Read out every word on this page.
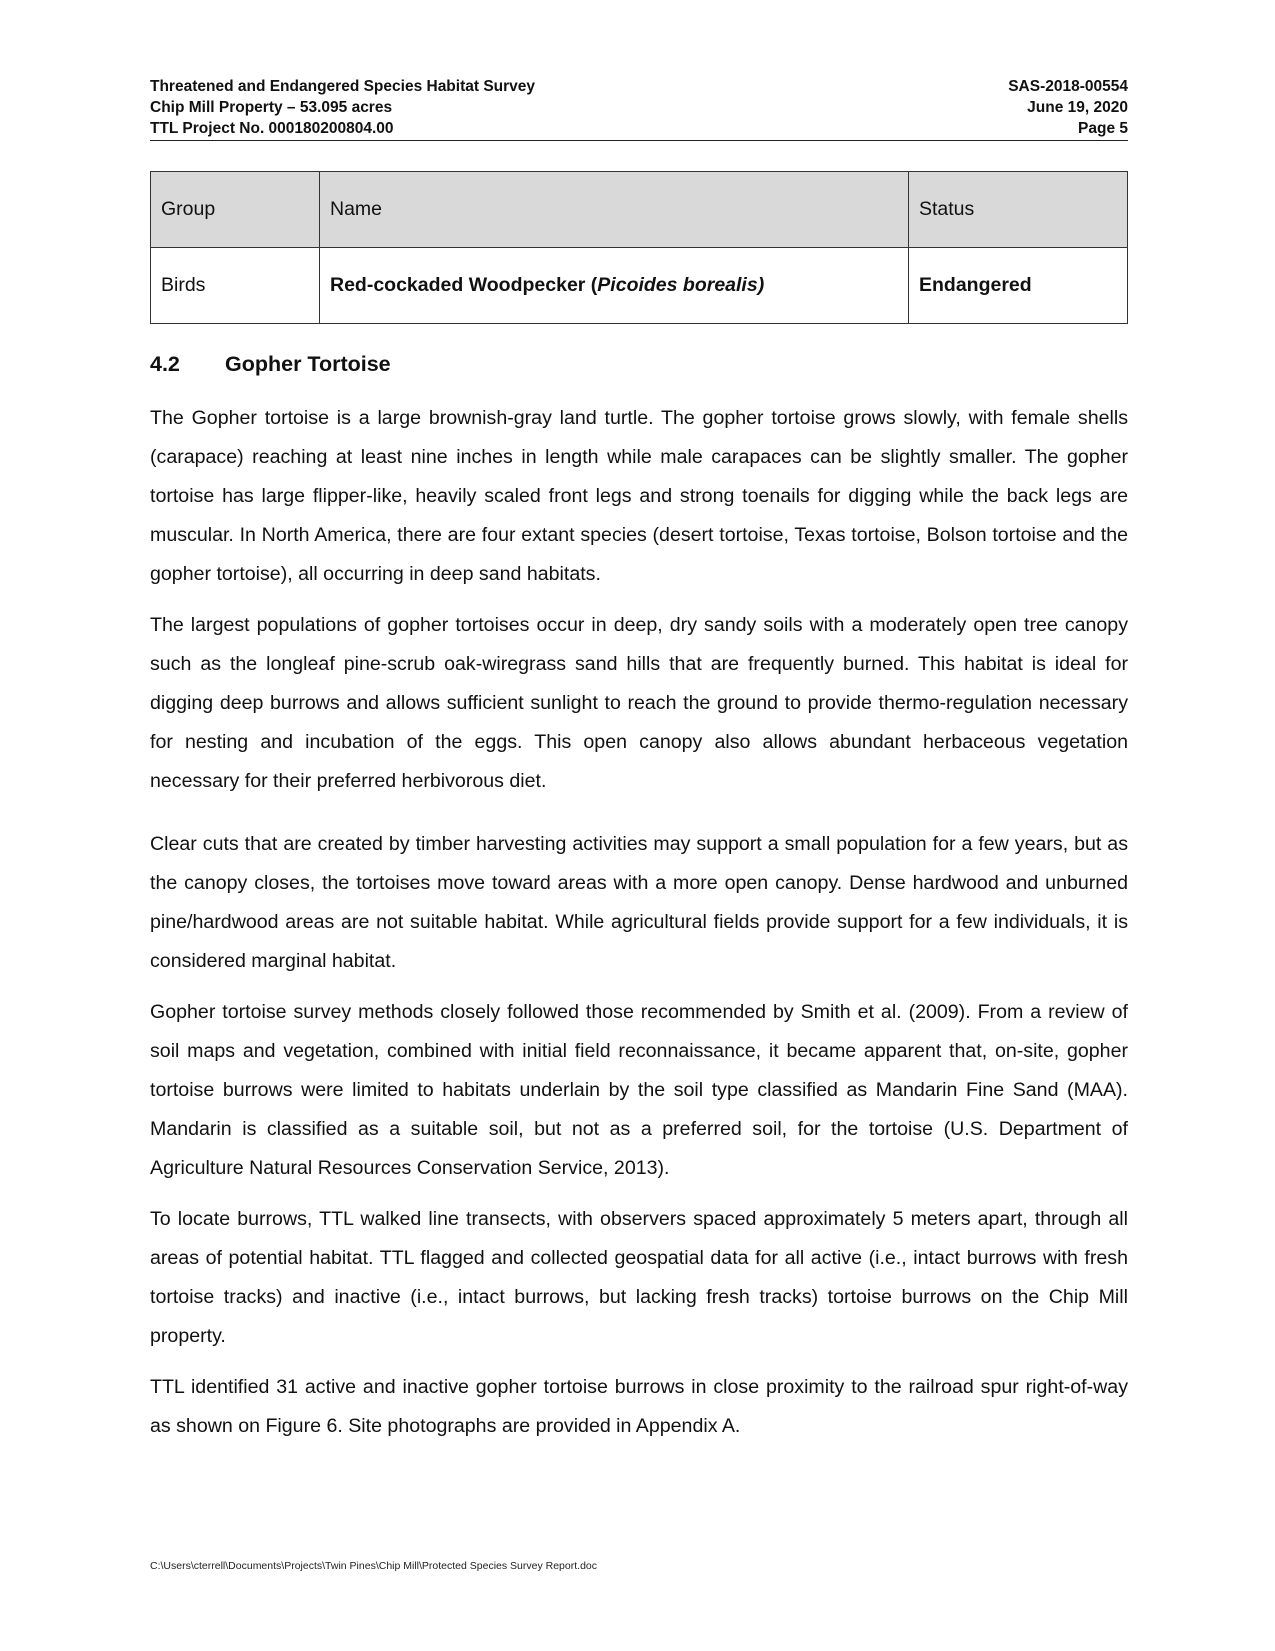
Threatened and Endangered Species Habitat Survey	SAS-2018-00554
Chip Mill Property – 53.095 acres	June 19, 2020
TTL Project No. 000180200804.00	Page 5
Group	Name	Status
Birds	Red-cockaded Woodpecker (Picoides borealis)	Endangered
4.2 Gopher Tortoise

The Gopher tortoise is a large brownish-gray land turtle. The gopher tortoise grows slowly, with female shells (carapace) reaching at least nine inches in length while male carapaces can be slightly smaller. The gopher tortoise has large flipper-like, heavily scaled front legs and strong toenails for digging while the back legs are muscular. In North America, there are four extant species (desert tortoise, Texas tortoise, Bolson tortoise and the gopher tortoise), all occurring in deep sand habitats.

The largest populations of gopher tortoises occur in deep, dry sandy soils with a moderately open tree canopy such as the longleaf pine-scrub oak-wiregrass sand hills that are frequently burned. This habitat is ideal for digging deep burrows and allows sufficient sunlight to reach the ground to provide thermo-regulation necessary for nesting and incubation of the eggs. This open canopy also allows abundant herbaceous vegetation necessary for their preferred herbivorous diet.

Clear cuts that are created by timber harvesting activities may support a small population for a few years, but as the canopy closes, the tortoises move toward areas with a more open canopy. Dense hardwood and unburned pine/hardwood areas are not suitable habitat. While agricultural fields provide support for a few individuals, it is considered marginal habitat.

Gopher tortoise survey methods closely followed those recommended by Smith et al. (2009). From a review of soil maps and vegetation, combined with initial field reconnaissance, it became apparent that, on-site, gopher tortoise burrows were limited to habitats underlain by the soil type classified as Mandarin Fine Sand (MAA). Mandarin is classified as a suitable soil, but not as a preferred soil, for the tortoise (U.S. Department of Agriculture Natural Resources Conservation Service, 2013).

To locate burrows, TTL walked line transects, with observers spaced approximately 5 meters apart, through all areas of potential habitat. TTL flagged and collected geospatial data for all active (i.e., intact burrows with fresh tortoise tracks) and inactive (i.e., intact burrows, but lacking fresh tracks) tortoise burrows on the Chip Mill property.

TTL identified 31 active and inactive gopher tortoise burrows in close proximity to the railroad spur right-of-way as shown on Figure 6. Site photographs are provided in Appendix A.

C:\Users\cterrell\Documents\Projects\Twin Pines\Chip Mill\Protected Species Survey Report.doc
